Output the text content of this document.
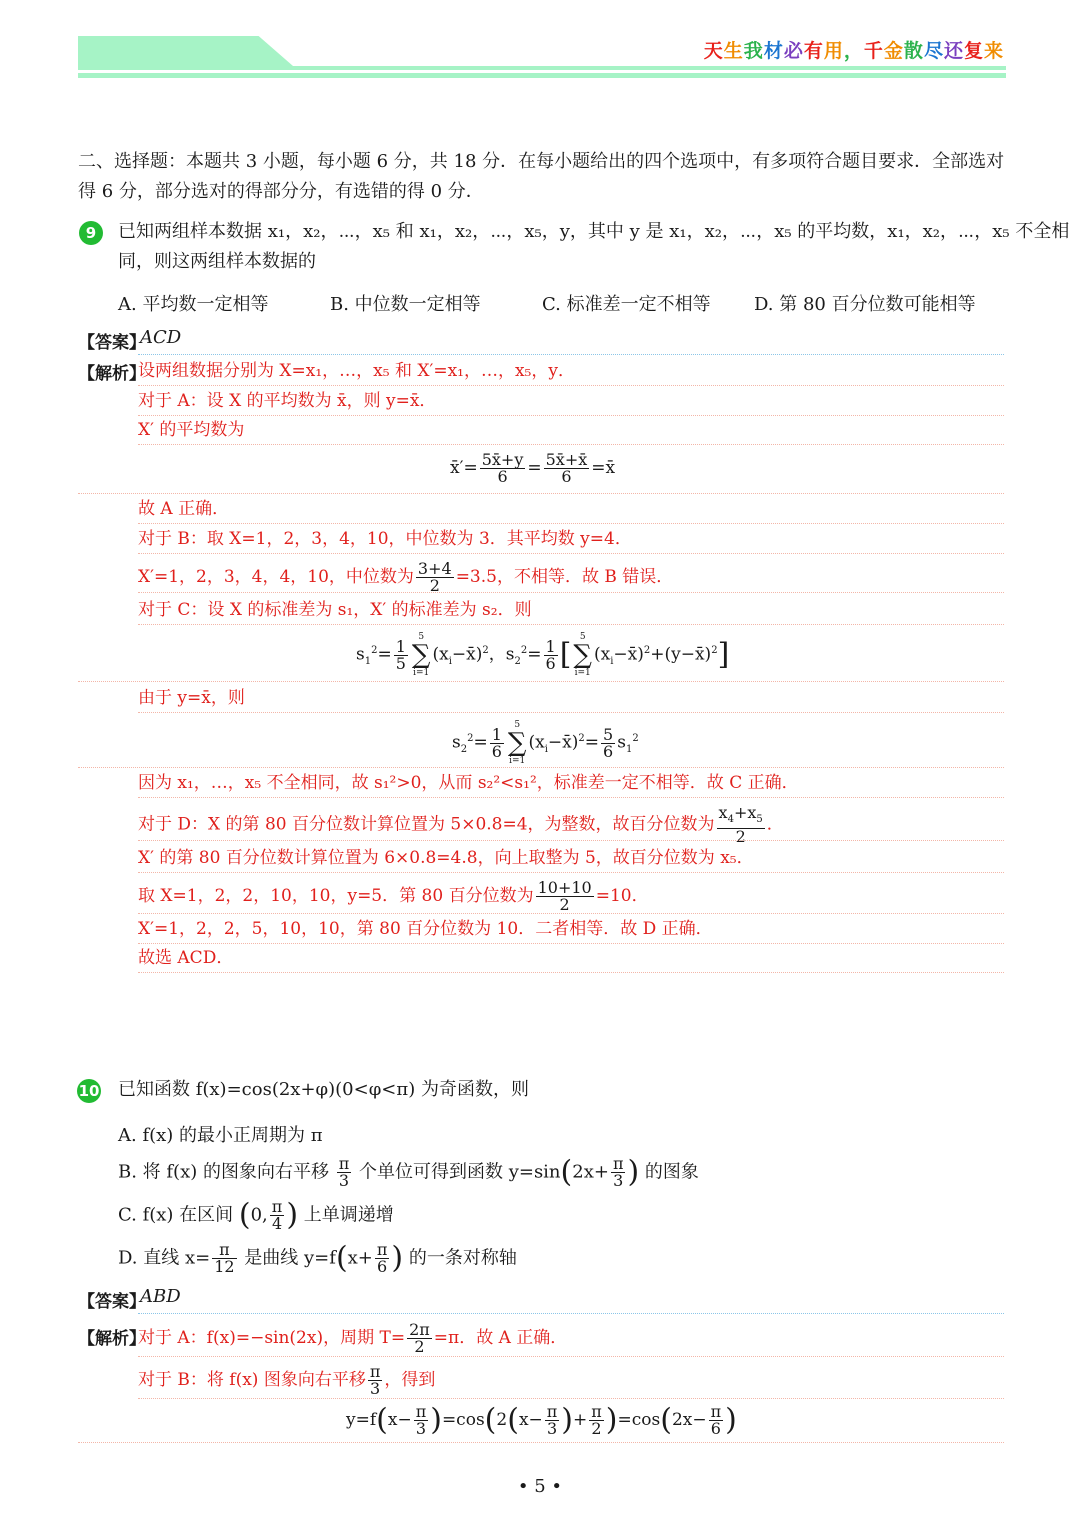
天生我材必有用，千金散尽还复来
二、选择题：本题共 3 小题，每小题 6 分，共 18 分．在每小题给出的四个选项中，有多项符合题目要求．全部选对
得 6 分，部分选对的得部分分，有选错的得 0 分．
9	已知两组样本数据 x₁，x₂，⋯，x₅ 和 x₁，x₂，⋯，x₅，y，其中 y 是 x₁，x₂，⋯，x₅ 的平均数，x₁，x₂，⋯，x₅ 不全相
同，则这两组样本数据的
A. 平均数一定相等	B. 中位数一定相等	C. 标准差一定不相等 D. 第 80 百分位数可能相等
【答案】
ACD
【解析】
设两组数据分别为 X=x₁，…，x₅ 和 X′=x₁，…，x₅，y．
对于 A：设 X 的平均数为 x̄，则 y=x̄．
X′ 的平均数为
x̄′= $\frac{5x̄+y}{6} = \frac{5x̄+x̄}{6}$ =x̄
故 A 正确．
对于 B：取 X=1，2，3，4，10，中位数为 3．其平均数 y=4．
X′=1，2，3，4，4，10，中位数为 $\frac{3+4}{2} =3.5$，不相等．故 B 错误．
对于 C：设 X 的标准差为 s₁，X′ 的标准差为 s₂．则
$s_1^2= \frac{1}{5}$
5
∑
$i=1(x_i-x̄)^2$，$s_2^2= \frac{1}{6}$ [ 5
∑
$i=1(x_i-x̄)^2+(y-x̄)^2$]
由于 y=x̄，则
$s_2^2= \frac{1}{6}$
5
∑
$i=1(x_i-x̄)^2= \frac{5}{6} s_1^2$
因为 x₁，…，x₅ 不全相同，故 s₁²>0，从而 s₂²<s₁²，标准差一定不相等．故 C 正确．
对于 D：X 的第 80 百分位数计算位置为 5×0.8=4，为整数，故百分位数为 $\frac{x_4+x_5}{2}$ ．
X′ 的第 80 百分位数计算位置为 6×0.8=4.8，向上取整为 5，故百分位数为 x₅．
取 X=1，2，2，10，10，y=5．第 80 百分位数为 $\frac{10+10}{2} =10$．
X′=1，2，2，5，10，10，第 80 百分位数为 10．二者相等．故 D 正确．
故选 ACD．
10 已知函数 f(x)=cos(2x+φ)(0<φ<π) 为奇函数，则
A. f(x) 的最小正周期为 π
B. 将 f(x) 的图象向右平移 $\frac{\pi}{3}$ 个单位可得到函数 $y=\sin(2x+ \frac{\pi}{3}$ ) 的图象
C. f(x) 在区间 (0, $\frac{\pi}{4}$ ) 上单调递增
D. 直线 $x= \frac{\pi}{12}$ 是曲线 $y=f(x+ \frac{\pi}{6}$ ) 的一条对称轴
【答案】
ABD
【解析】
对于 A：f(x)=−sin(2x)，周期 $T= \frac{2\pi}{2} =\pi$．故 A 正确．
对于 B：将 f(x) 图象向右平移 $\frac{\pi}{3}$ ，得到
$y=f(x- \frac{\pi}{3} )=\cos(2(x- \frac{\pi}{3}$ )+ $\frac{\pi}{2} )=\cos(2x- \frac{\pi}{6}$ )
• 5 •
